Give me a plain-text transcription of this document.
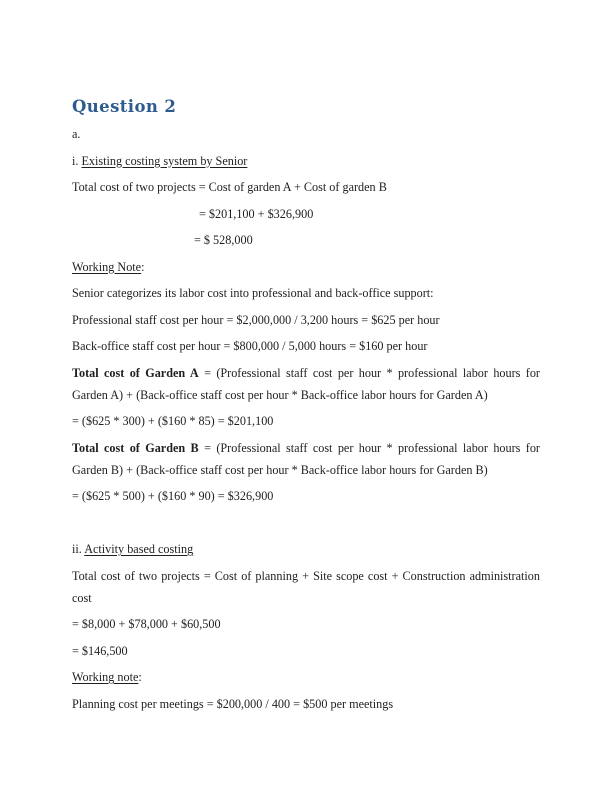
Question 2

a.

i. Existing costing system by Senior

Total cost of two projects = Cost of garden A + Cost of garden B

= $201,100 + $326,900

= $ 528,000

Working Note:

Senior categorizes its labor cost into professional and back-office support:

Professional staff cost per hour = $2,000,000 / 3,200 hours = $625 per hour

Back-office staff cost per hour = $800,000 / 5,000 hours = $160 per hour

Total cost of Garden A = (Professional staff cost per hour * professional labor hours for Garden A) + (Back-office staff cost per hour * Back-office labor hours for Garden A)

= ($625 * 300) + ($160 * 85) = $201,100

Total cost of Garden B = (Professional staff cost per hour * professional labor hours for Garden B) + (Back-office staff cost per hour * Back-office labor hours for Garden B)

= ($625 * 500) + ($160 * 90) = $326,900

ii. Activity based costing

Total cost of two projects = Cost of planning + Site scope cost + Construction administration cost

= $8,000 + $78,000 + $60,500

= $146,500

Working note:

Planning cost per meetings = $200,000 / 400 = $500 per meetings
